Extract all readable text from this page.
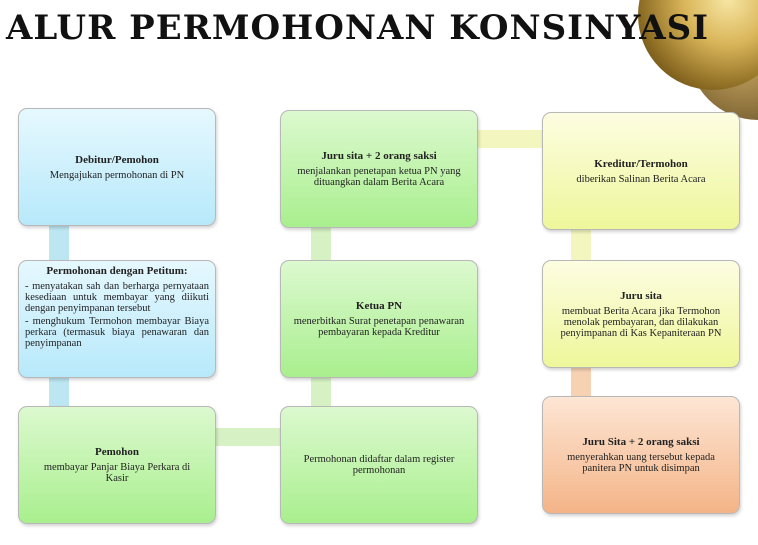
ALUR PERMOHONAN KONSINYASI
Debitur/Pemohon
Mengajukan permohonan di PN
Permohonan dengan Petitum:
- menyatakan sah dan berharga pernyataan kesediaan untuk membayar yang diikuti dengan penyimpanan tersebut
- menghukum Termohon membayar Biaya perkara (termasuk biaya penawaran dan penyimpanan
Pemohon
membayar Panjar Biaya Perkara di Kasir
Juru sita + 2 orang saksi
menjalankan penetapan ketua PN yang dituangkan dalam Berita Acara
Ketua PN
menerbitkan Surat penetapan penawaran pembayaran kepada Kreditur
Permohonan didaftar dalam register permohonan
Kreditur/Termohon
diberikan Salinan Berita Acara
Juru sita
membuat Berita Acara jika Termohon menolak pembayaran, dan dilakukan penyimpanan di Kas Kepaniteraan PN
Juru Sita + 2 orang saksi
menyerahkan uang tersebut kepada panitera PN untuk disimpan
